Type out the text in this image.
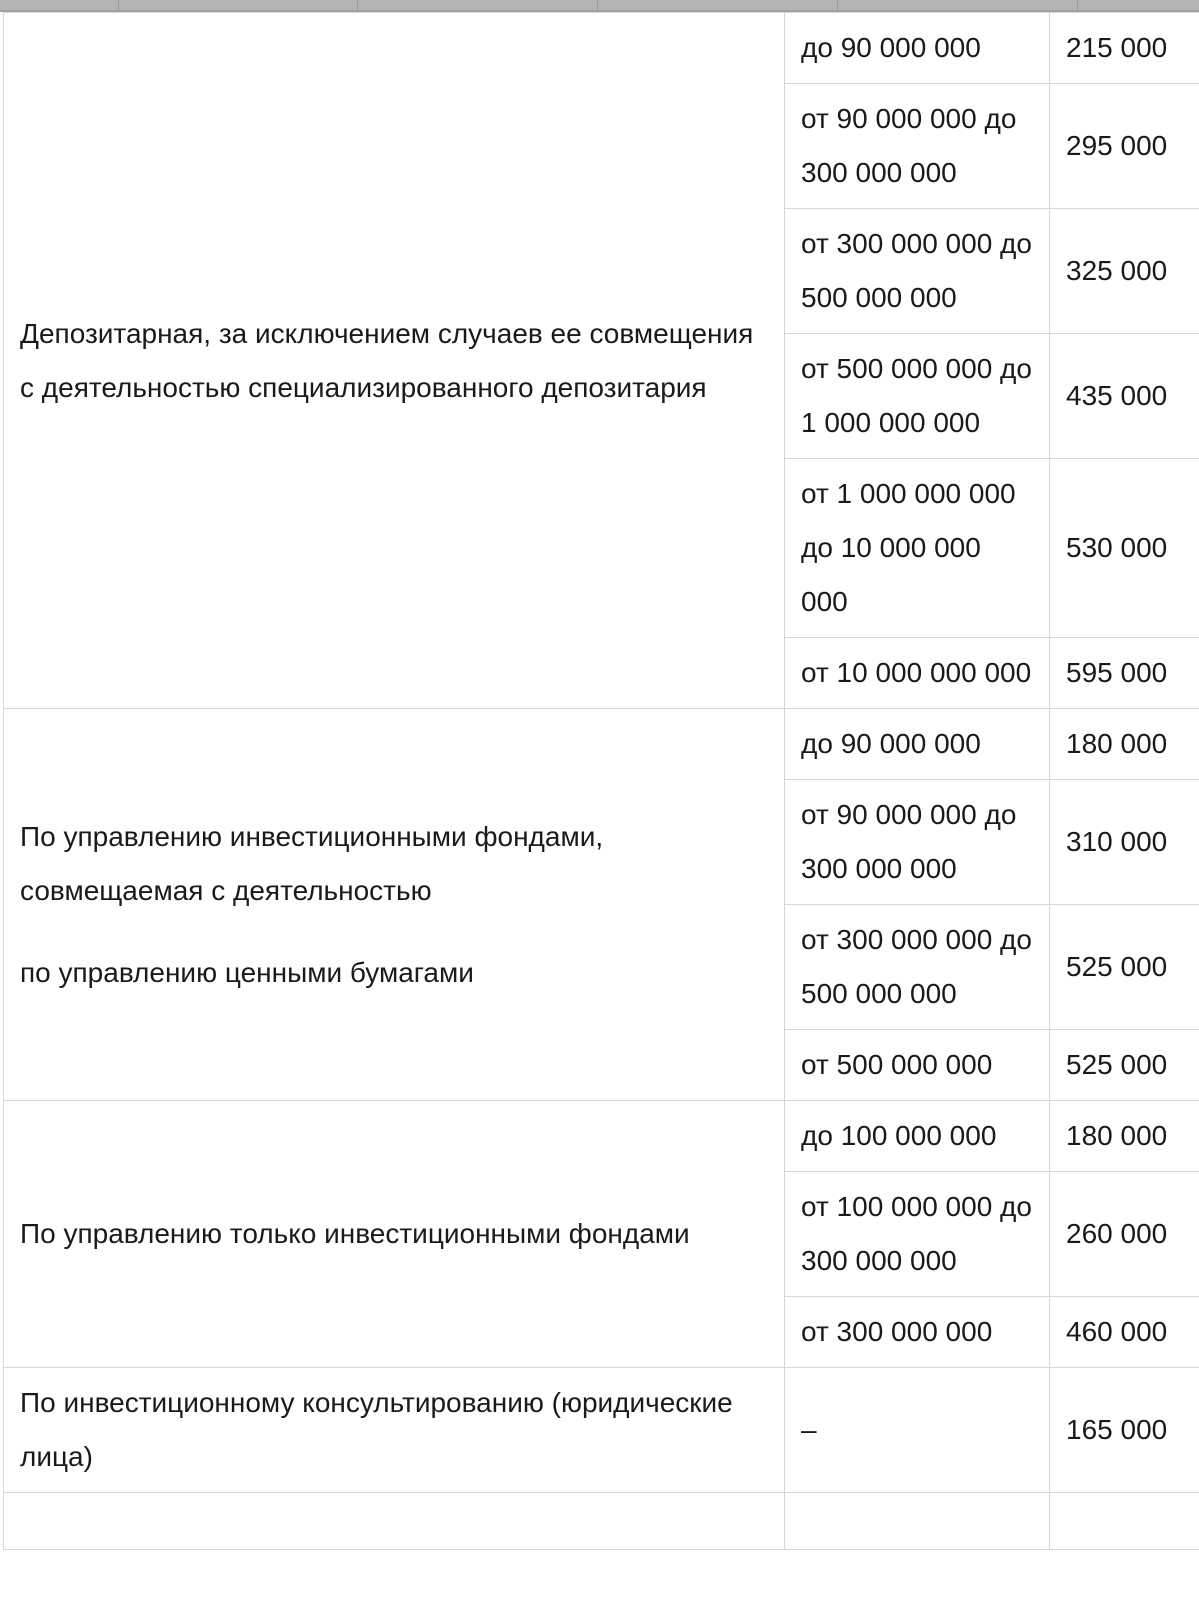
Депозитарная, за исключением случаев ее совмещения с деятельностью специализированного депозитария	до 90 000 000	215 000
	от 90 000 000 до 300 000 000	295 000
	от 300 000 000 до 500 000 000	325 000
	от 500 000 000 до 1 000 000 000	435 000
	от 1 000 000 000 до 10 000 000 000	530 000
	от 10 000 000 000	595 000

По управлению инвестиционными фондами, совмещаемая с деятельностью

по управлению ценными бумагами	до 90 000 000	180 000
	от 90 000 000 до 300 000 000	310 000
	от 300 000 000 до 500 000 000	525 000
	от 500 000 000	525 000

По управлению только инвестиционными фондами	до 100 000 000	180 000
	от 100 000 000 до 300 000 000	260 000
	от 300 000 000	460 000

По инвестиционному консультированию (юридические лица)	–	165 000
